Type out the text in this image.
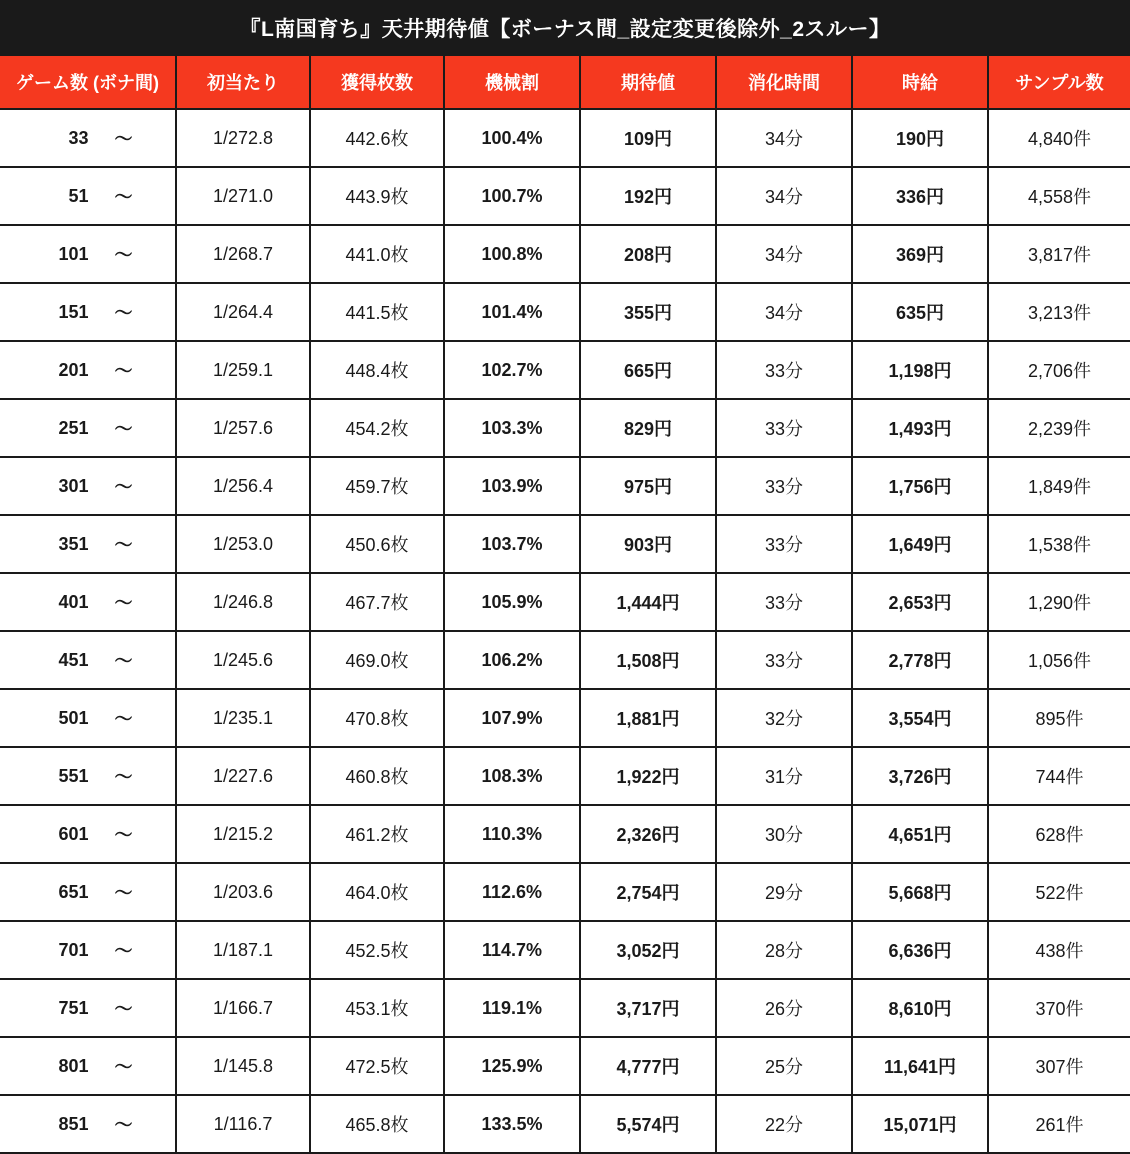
『L南国育ち』天井期待値【ボーナス間_設定変更後除外_2スルー】
ゲーム数 (ボナ間)	初当たり	獲得枚数	機械割	期待値	消化時間	時給	サンプル数

33 〜	1/272.8	442.6枚	100.4%	109円	34分	190円	4,840件

51 〜	1/271.0	443.9枚	100.7%	192円	34分	336円	4,558件

101 〜	1/268.7	441.0枚	100.8%	208円	34分	369円	3,817件

151 〜	1/264.4	441.5枚	101.4%	355円	34分	635円	3,213件

201 〜	1/259.1	448.4枚	102.7%	665円	33分	1,198円	2,706件

251 〜	1/257.6	454.2枚	103.3%	829円	33分	1,493円	2,239件

301 〜	1/256.4	459.7枚	103.9%	975円	33分	1,756円	1,849件

351 〜	1/253.0	450.6枚	103.7%	903円	33分	1,649円	1,538件

401 〜	1/246.8	467.7枚	105.9%	1,444円	33分	2,653円	1,290件

451 〜	1/245.6	469.0枚	106.2%	1,508円	33分	2,778円	1,056件

501 〜	1/235.1	470.8枚	107.9%	1,881円	32分	3,554円	895件

551 〜	1/227.6	460.8枚	108.3%	1,922円	31分	3,726円	744件

601 〜	1/215.2	461.2枚	110.3%	2,326円	30分	4,651円	628件

651 〜	1/203.6	464.0枚	112.6%	2,754円	29分	5,668円	522件

701 〜	1/187.1	452.5枚	114.7%	3,052円	28分	6,636円	438件

751 〜	1/166.7	453.1枚	119.1%	3,717円	26分	8,610円	370件

801 〜	1/145.8	472.5枚	125.9%	4,777円	25分	11,641円	307件

851 〜	1/116.7	465.8枚	133.5%	5,574円	22分	15,071円	261件
